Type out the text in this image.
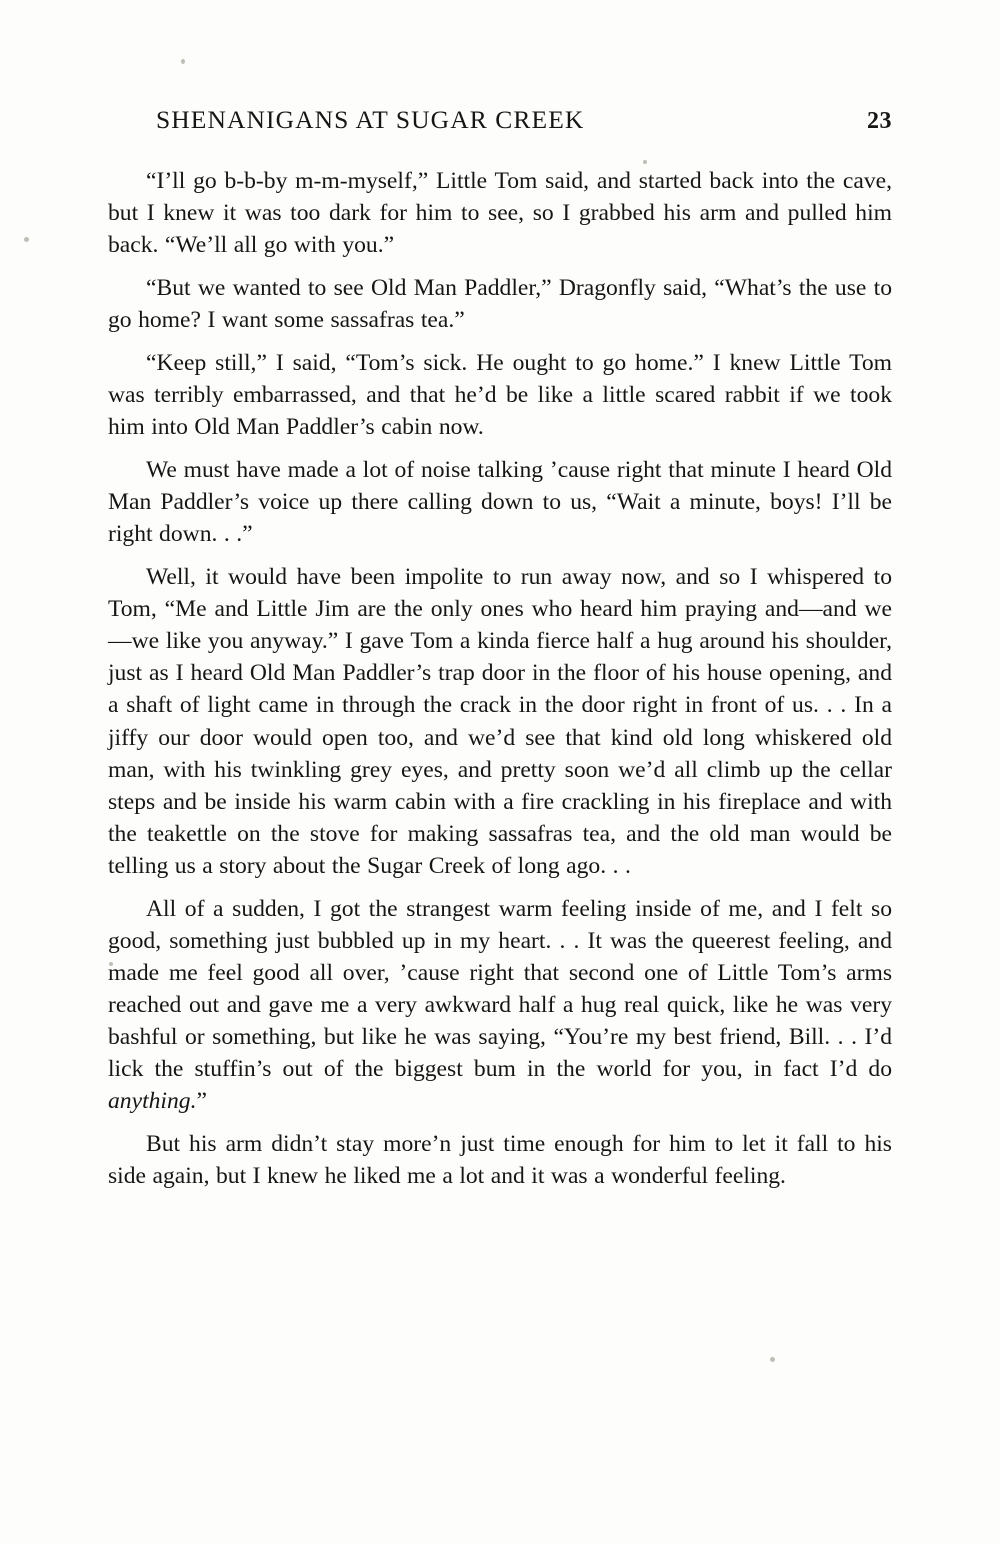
SHENANIGANS AT SUGAR CREEK	23

“I’ll go b-b-by m-m-myself,” Little Tom said, and started back into the cave, but I knew it was too dark for him to see, so I grabbed his arm and pulled him back. “We’ll all go with you.”

“But we wanted to see Old Man Paddler,” Dragonfly said, “What’s the use to go home? I want some sassafras tea.”

“Keep still,” I said, “Tom’s sick. He ought to go home.” I knew Little Tom was terribly embarrassed, and that he’d be like a little scared rabbit if we took him into Old Man Paddler’s cabin now.

We must have made a lot of noise talking ’cause right that minute I heard Old Man Paddler’s voice up there calling down to us, “Wait a minute, boys! I’ll be right down. . .”

Well, it would have been impolite to run away now, and so I whispered to Tom, “Me and Little Jim are the only ones who heard him praying and—and we—we like you anyway.” I gave Tom a kinda fierce half a hug around his shoulder, just as I heard Old Man Paddler’s trap door in the floor of his house opening, and a shaft of light came in through the crack in the door right in front of us. . . In a jiffy our door would open too, and we’d see that kind old long whiskered old man, with his twinkling grey eyes, and pretty soon we’d all climb up the cellar steps and be inside his warm cabin with a fire crackling in his fireplace and with the teakettle on the stove for making sassafras tea, and the old man would be telling us a story about the Sugar Creek of long ago. . .

All of a sudden, I got the strangest warm feeling inside of me, and I felt so good, something just bubbled up in my heart. . . It was the queerest feeling, and made me feel good all over, ’cause right that second one of Little Tom’s arms reached out and gave me a very awkward half a hug real quick, like he was very bashful or something, but like he was saying, “You’re my best friend, Bill. . . I’d lick the stuffin’s out of the biggest bum in the world for you, in fact I’d do anything.”

But his arm didn’t stay more’n just time enough for him to let it fall to his side again, but I knew he liked me a lot and it was a wonderful feeling.
